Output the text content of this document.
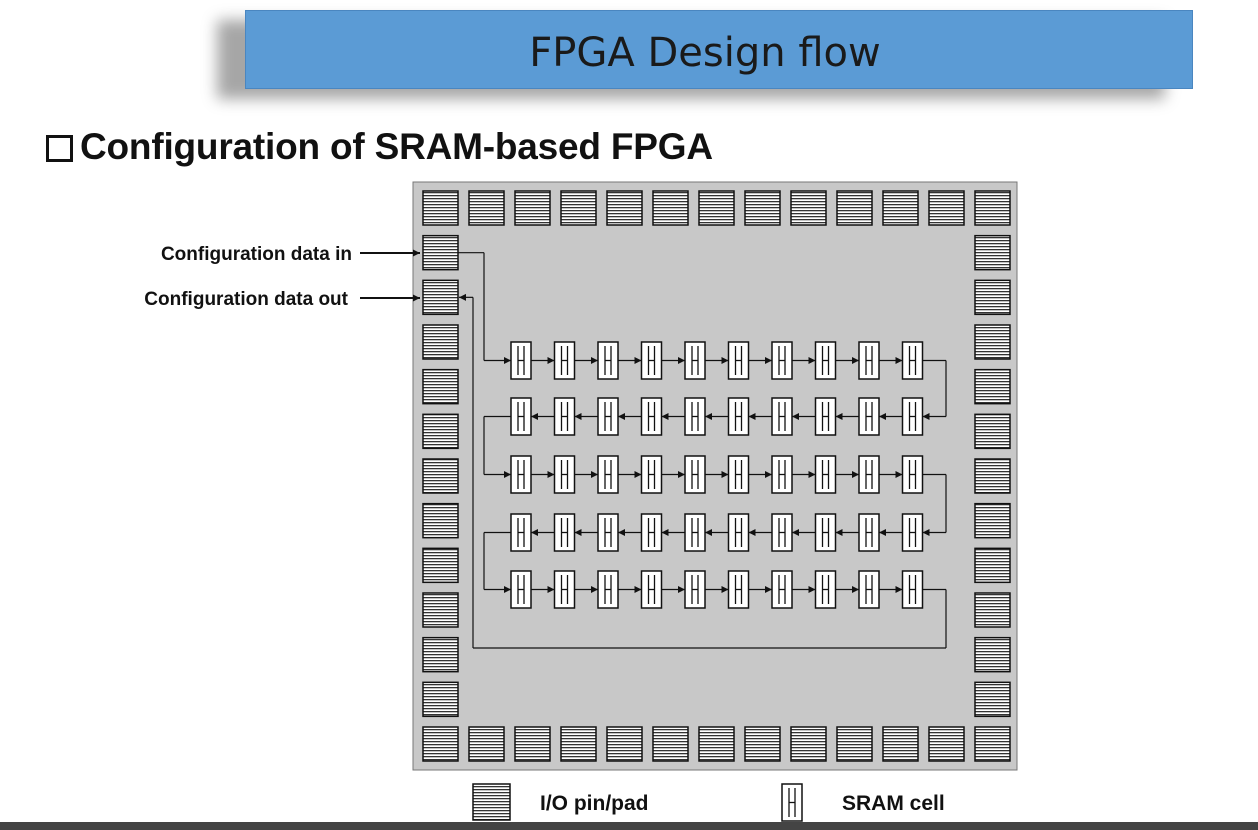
FPGA Design flow
Configuration of SRAM-based FPGA
Configuration data in
Configuration data out
I/O pin/pad	SRAM cell
